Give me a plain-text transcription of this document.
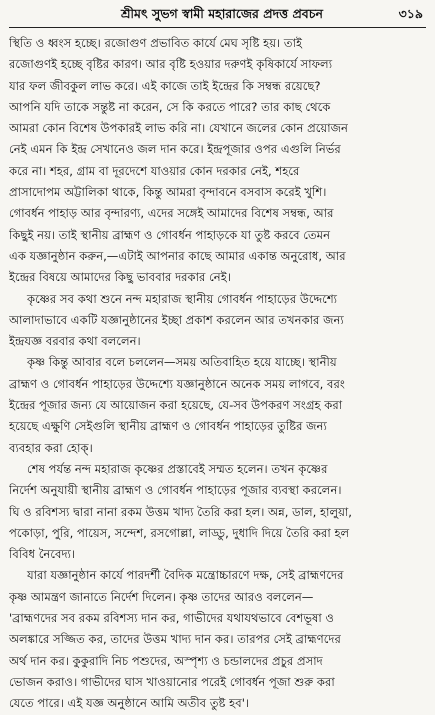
শ্রীমৎ সুভগ স্বামী মহারাজের প্রদত্ত প্রবচন	৩১৯
স্থিতি ও ধ্বংস হচ্ছে। রজোগুণ প্রভাবিত কার্যে মেঘ সৃষ্টি হয়। তাই
রজোগুণই হচ্ছে বৃষ্টির কারণ। আর বৃষ্টি হওয়ার দরুণই কৃষিকার্যে সাফল্য
যার ফল জীবকুল লাভ করে। এই কাজে তাই ইন্দ্রের কি সম্বন্ধ রয়েছে?
আপনি যদি তাকে সন্তুষ্ট না করেন, সে কি করতে পারে? তার কাছ থেকে
আমরা কোন বিশেষ উপকারই লাভ করি না। যেখানে জলের কোন প্রয়োজন
নেই এমন কি ইন্দ্র সেখানেও জল দান করে। ইন্দ্রপূজার ওপর এগুলি নির্ভর
করে না। শহর, গ্রাম বা দূরদেশে যাওয়ার কোন দরকার নেই, শহরে
প্রাসাদোপম অট্টালিকা থাকে, কিন্তু আমরা বৃন্দাবনে বসবাস করেই খুশি।
গোবর্ধন পাহাড় আর বৃন্দারণ্য, এদের সঙ্গেই আমাদের বিশেষ সম্বন্ধ, আর
কিছুই নয়। তাই স্থানীয় ব্রাহ্মণ ও গোবর্ধন পাহাড়কে যা তুষ্ট করবে তেমন
এক যজ্ঞানুষ্ঠান করুন,—এটাই আপনার কাছে আমার একান্ত অনুরোধ, আর
ইন্দ্রের বিষয়ে আমাদের কিছু ভাববার দরকার নেই।
কৃষ্ণের সব কথা শুনে নন্দ মহারাজ স্থানীয় গোবর্ধন পাহাড়ের উদ্দেশ্যে
আলাদাভাবে একটি যজ্ঞানুষ্ঠানের ইচ্ছা প্রকাশ করলেন আর তখনকার জন্য
ইন্দ্রযজ্ঞ বরবার কথা বললেন।
কৃষ্ণ কিন্তু আবার বলে চললেন—সময় অতিবাহিত হয়ে যাচ্ছে। স্থানীয়
ব্রাহ্মণ ও গোবর্ধন পাহাড়ের উদ্দেশ্যে যজ্ঞানুষ্ঠানে অনেক সময় লাগবে, বরং
ইন্দ্রের পূজার জন্য যে আয়োজন করা হয়েছে, যে-সব উপকরণ সংগ্রহ করা
হয়েছে এক্ষুণি সেইগুলি স্থানীয় ব্রাহ্মণ ও গোবর্ধন পাহাড়ের তুষ্টির জন্য
ব্যবহার করা হোক্।
শেষ পর্যন্ত নন্দ মহারাজ কৃষ্ণের প্রস্তাবেই সম্মত হলেন। তখন কৃষ্ণের
নির্দেশ অনুযায়ী স্থানীয় ব্রাহ্মণ ও গোবর্ধন পাহাড়ের পূজার ব্যবস্থা করলেন।
ঘি ও রবিশস্য দ্বারা নানা রকম উত্তম খাদ্য তৈরি করা হল। অন্ন, ডাল, হালুয়া,
পকোড়া, পুরি, পায়েস, সন্দেশ, রসগোল্লা, লাড্ডু, দুধাদি দিয়ে তৈরি করা হল
বিবিধ নৈবেদ্য।
যারা যজ্ঞানুষ্ঠান কার্যে পারদর্শী বৈদিক মন্ত্রোচ্চারণে দক্ষ, সেই ব্রাহ্মণদের
কৃষ্ণ আমন্ত্রণ জানাতে নির্দেশ দিলেন। কৃষ্ণ তাদের আরও বললেন—
'ব্রাহ্মণদের সব রকম রবিশস্য দান কর, গাভীদের যথাযথভাবে বেশভূষা ও
অলঙ্কারে সজ্জিত কর, তাদের উত্তম খাদ্য দান কর। তারপর সেই ব্রাহ্মণদের
অর্থ দান কর। কুকুরাদি নিচ পশুদের, অস্পৃশ্য ও চন্ডালদের প্রচুর প্রসাদ
ভোজন করাও। গাভীদের ঘাস খাওয়ানোর পরেই গোবর্ধন পূজা শুরু করা
যেতে পারে। এই যজ্ঞ অনুষ্ঠানে আমি অতীব তুষ্ট হব'।
